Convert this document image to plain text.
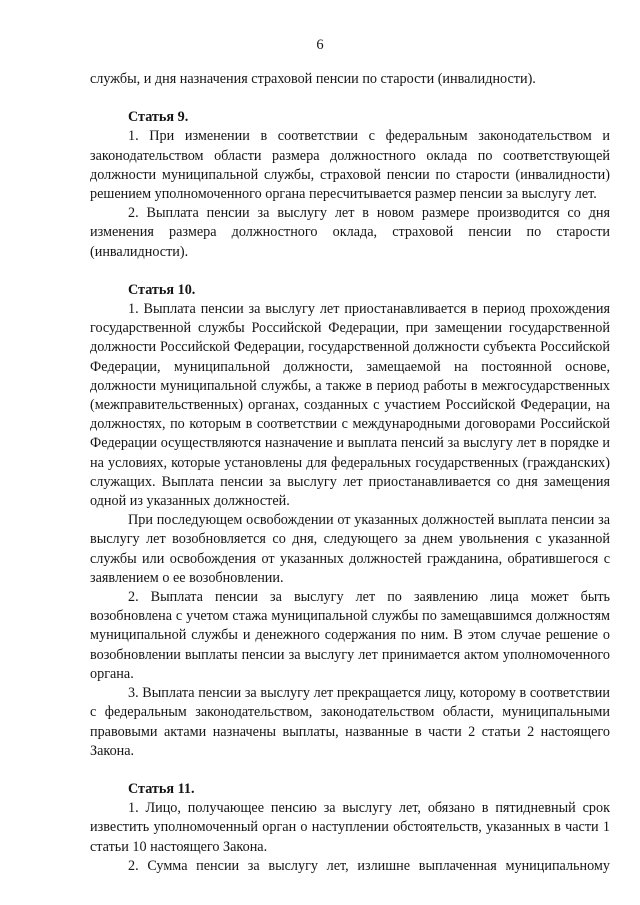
6

службы, и дня назначения страховой пенсии по старости (инвалидности).

Статья 9.

1. При изменении в соответствии с федеральным законодательством и законодательством области размера должностного оклада по соответствующей должности муниципальной службы, страховой пенсии по старости (инвалидности) решением уполномоченного органа пересчитывается размер пенсии за выслугу лет.

2. Выплата пенсии за выслугу лет в новом размере производится со дня изменения размера должностного оклада, страховой пенсии по старости (инвалидности).

Статья 10.

1. Выплата пенсии за выслугу лет приостанавливается в период прохождения государственной службы Российской Федерации, при замещении государственной должности Российской Федерации, государственной должности субъекта Российской Федерации, муниципальной должности, замещаемой на постоянной основе, должности муниципальной службы, а также в период работы в межгосударственных (межправительственных) органах, созданных с участием Российской Федерации, на должностях, по которым в соответствии с международными договорами Российской Федерации осуществляются назначение и выплата пенсий за выслугу лет в порядке и на условиях, которые установлены для федеральных государственных (гражданских) служащих. Выплата пенсии за выслугу лет приостанавливается со дня замещения одной из указанных должностей.

При последующем освобождении от указанных должностей выплата пенсии за выслугу лет возобновляется со дня, следующего за днем увольнения с указанной службы или освобождения от указанных должностей гражданина, обратившегося с заявлением о ее возобновлении.

2. Выплата пенсии за выслугу лет по заявлению лица может быть возобновлена с учетом стажа муниципальной службы по замещавшимся должностям муниципальной службы и денежного содержания по ним. В этом случае решение о возобновлении выплаты пенсии за выслугу лет принимается актом уполномоченного органа.

3. Выплата пенсии за выслугу лет прекращается лицу, которому в соответствии с федеральным законодательством, законодательством области, муниципальными правовыми актами назначены выплаты, названные в части 2 статьи 2 настоящего Закона.

Статья 11.

1. Лицо, получающее пенсию за выслугу лет, обязано в пятидневный срок известить уполномоченный орган о наступлении обстоятельств, указанных в части 1 статьи 10 настоящего Закона.

2. Сумма пенсии за выслугу лет, излишне выплаченная муниципальному
